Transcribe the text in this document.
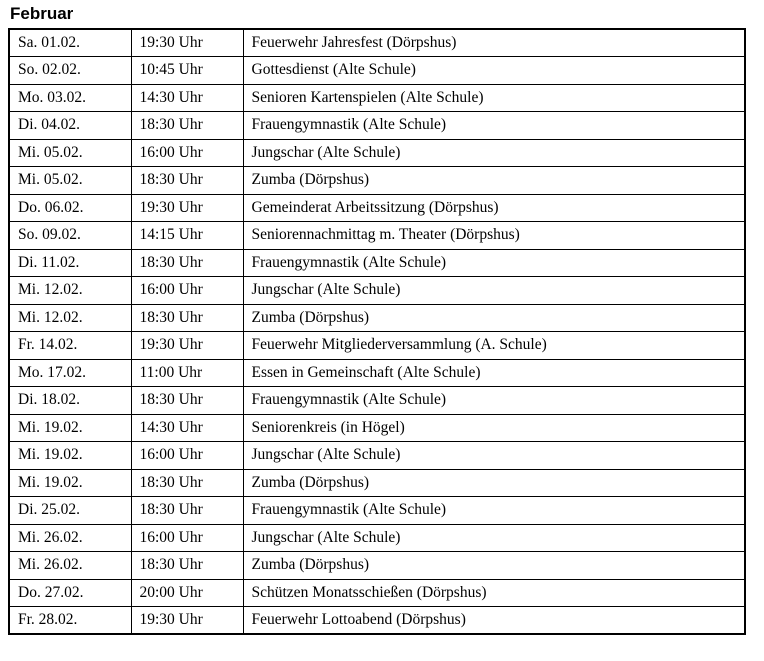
Februar
Sa. 01.02.	19:30 Uhr	Feuerwehr Jahresfest (Dörpshus)
So. 02.02.	10:45 Uhr	Gottesdienst (Alte Schule)
Mo. 03.02.	14:30 Uhr	Senioren Kartenspielen (Alte Schule)
Di. 04.02.	18:30 Uhr	Frauengymnastik (Alte Schule)
Mi. 05.02.	16:00 Uhr	Jungschar (Alte Schule)
Mi. 05.02.	18:30 Uhr	Zumba (Dörpshus)
Do. 06.02.	19:30 Uhr	Gemeinderat Arbeitssitzung (Dörpshus)
So. 09.02.	14:15 Uhr	Seniorennachmittag m. Theater (Dörpshus)
Di. 11.02.	18:30 Uhr	Frauengymnastik (Alte Schule)
Mi. 12.02.	16:00 Uhr	Jungschar (Alte Schule)
Mi. 12.02.	18:30 Uhr	Zumba (Dörpshus)
Fr. 14.02.	19:30 Uhr	Feuerwehr Mitgliederversammlung (A. Schule)
Mo. 17.02.	11:00 Uhr	Essen in Gemeinschaft (Alte Schule)
Di. 18.02.	18:30 Uhr	Frauengymnastik (Alte Schule)
Mi. 19.02.	14:30 Uhr	Seniorenkreis (in Högel)
Mi. 19.02.	16:00 Uhr	Jungschar (Alte Schule)
Mi. 19.02.	18:30 Uhr	Zumba (Dörpshus)
Di. 25.02.	18:30 Uhr	Frauengymnastik (Alte Schule)
Mi. 26.02.	16:00 Uhr	Jungschar (Alte Schule)
Mi. 26.02.	18:30 Uhr	Zumba (Dörpshus)
Do. 27.02.	20:00 Uhr	Schützen Monatsschießen (Dörpshus)
Fr. 28.02.	19:30 Uhr	Feuerwehr Lottoabend (Dörpshus)
